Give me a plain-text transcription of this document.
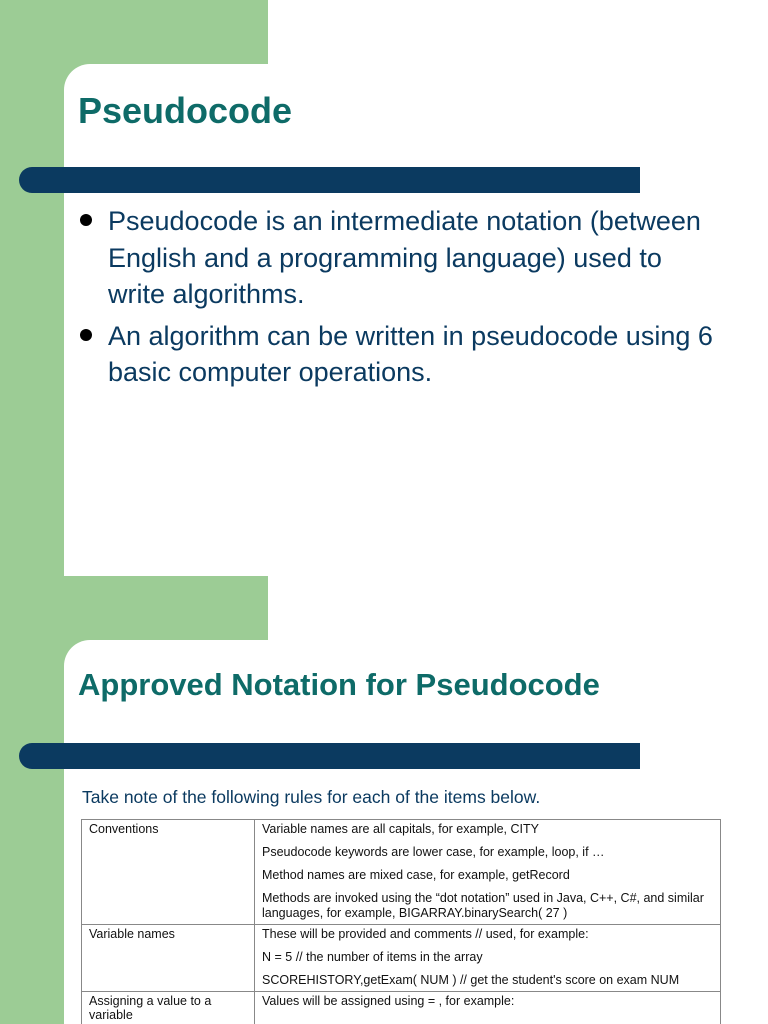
Pseudocode
Pseudocode is an intermediate notation (between English and a programming language) used to write algorithms.
An algorithm can be written in pseudocode using 6 basic computer operations.
Approved Notation for Pseudocode
Take note of the following rules for each of the items below.
Conventions	Variable names are all capitals, for example, CITY

Pseudocode keywords are lower case, for example, loop, if …

Method names are mixed case, for example, getRecord

Methods are invoked using the “dot notation” used in Java, C++, C#, and similar languages, for example, BIGARRAY.binarySearch( 27 )

Variable names	These will be provided and comments // used, for example:

N = 5 // the number of items in the array

SCOREHISTORY,getExam( NUM ) // get the student's score on exam NUM

Assigning a value to a variable	Values will be assigned using = , for example:
